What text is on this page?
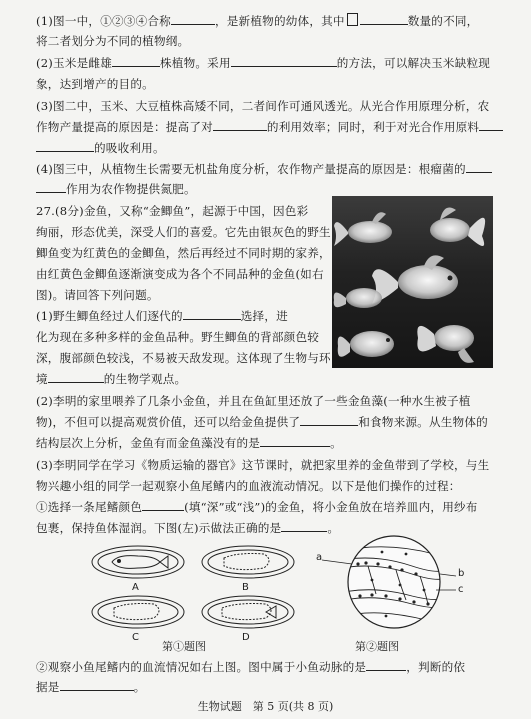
(1)图一中，①②③④合称	，是新植物的幼体，其中	数量的不同，
将二者划分为不同的植物纲。
(2)玉米是雌雄	株植物。采用	的方法，可以解决玉米缺粒现
象，达到增产的目的。
(3)图二中，玉米、大豆植株高矮不同，二者间作可通风透光。从光合作用原理分析，农
作物产量提高的原因是：提高了对	的利用效率；同时，利于对光合作用原料
的吸收利用。
(4)图三中，从植物生长需要无机盐角度分析，农作物产量提高的原因是：根瘤菌的
作用为农作物提供氮肥。
27.(8分)金鱼，又称“金鲫鱼”，起源于中国，因色彩
绚丽，形态优美，深受人们的喜爱。它先由银灰色的野生
鲫鱼变为红黄色的金鲫鱼，然后再经过不同时期的家养，
由红黄色金鲫鱼逐渐演变成为各个不同品种的金鱼(如右
图)。请回答下列问题。
(1)野生鲫鱼经过人们逐代的	选择，进
化为现在多种多样的金鱼品种。野生鲫鱼的背部颜色较
深，腹部颜色较浅，不易被天敌发现。这体现了生物与环
境	的生物学观点。
(2)李明的家里喂养了几条小金鱼，并且在鱼缸里还放了一些金鱼藻(一种水生被子植
物)，不但可以提高观赏价值，还可以给金鱼提供了	和食物来源。从生物体的
结构层次上分析，金鱼有而金鱼藻没有的是	。
(3)李明同学在学习《物质运输的器官》这节课时，就把家里养的金鱼带到了学校，与生
物兴趣小组的同学一起观察小鱼尾鳍内的血液流动情况。以下是他们操作的过程：
①选择一条尾鳍颜色	(填“深”或“浅”)的金鱼，将小金鱼放在培养皿内，用纱布
包裹，保持鱼体湿润。下图(左)示做法正确的是	。
A	B
C	D
a
b
c
第①题图	第②题图
②观察小鱼尾鳍内的血流情况如右上图。图中属于小鱼动脉的是	，判断的依
据是	。
生物试题　第 5 页(共 8 页)
